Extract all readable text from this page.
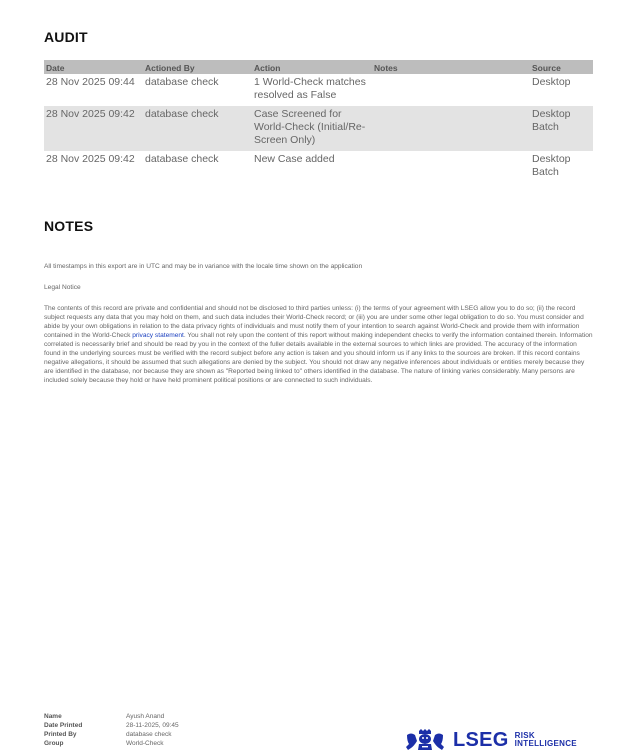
AUDIT
Date	Actioned By	Action	Notes	Source
28 Nov 2025 09:44	database check	1 World-Check matches resolved as False		Desktop
28 Nov 2025 09:42	database check	Case Screened for World-Check (Initial/Re-Screen Only)		Desktop Batch
28 Nov 2025 09:42	database check	New Case added		Desktop Batch
NOTES

All timestamps in this export are in UTC and may be in variance with the locale time shown on the application

Legal Notice

The contents of this record are private and confidential and should not be disclosed to third parties unless: (i) the terms of your agreement with LSEG allow you to do so; (ii) the record subject requests any data that you may hold on them, and such data includes their World-Check record; or (iii) you are under some other legal obligation to do so. You must consider and abide by your own obligations in relation to the data privacy rights of individuals and must notify them of your intention to search against World-Check and provide them with information contained in the World-Check privacy statement. You shall not rely upon the content of this report without making independent checks to verify the information contained therein. Information correlated is necessarily brief and should be read by you in the context of the fuller details available in the external sources to which links are provided. The accuracy of the information found in the underlying sources must be verified with the record subject before any action is taken and you should inform us if any links to the sources are broken. If this record contains negative allegations, it should be assumed that such allegations are denied by the subject. You should not draw any negative inferences about individuals or entities merely because they are identified in the database, nor because they are shown as "Reported being linked to" others identified in the database. The nature of linking varies considerably. Many persons are included solely because they hold or have held prominent political positions or are connected to such individuals.

Name	Ayush Anand
Date Printed	28-11-2025, 09:45
Printed By	database check
Group	World-Check	LSEG RISK
INTELLIGENCE
